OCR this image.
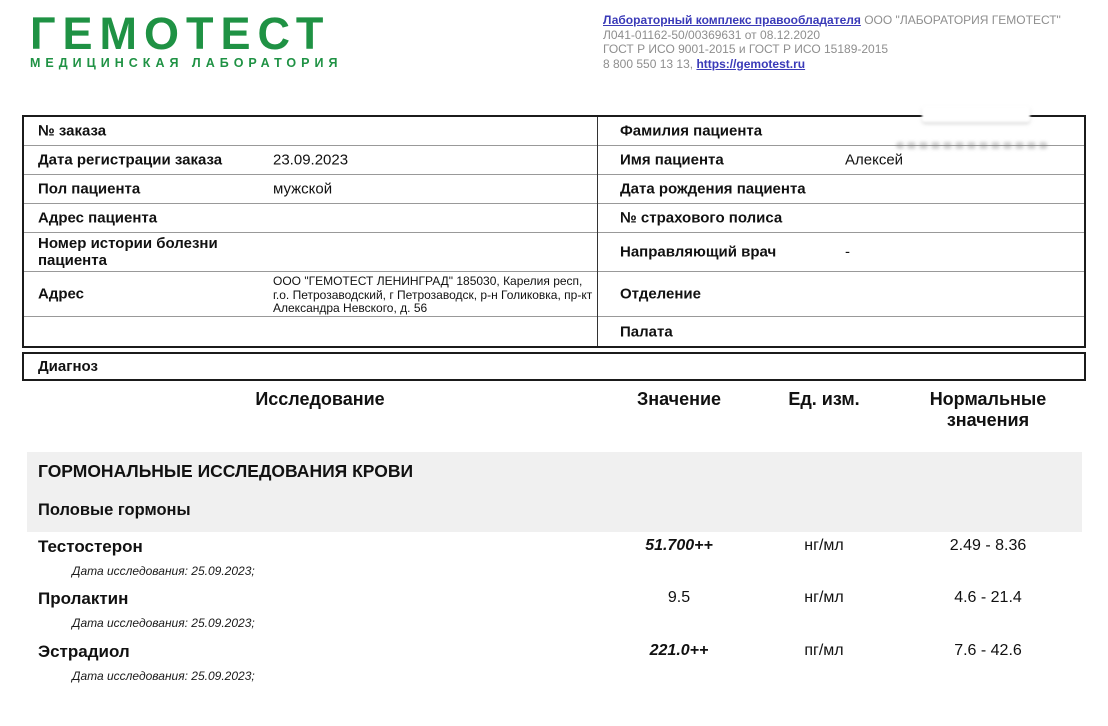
ГЕМОТЕСТ
МЕДИЦИНСКАЯ ЛАБОРАТОРИЯ
Лабораторный комплекс правообладателя ООО "ЛАБОРАТОРИЯ ГЕМОТЕСТ"
Л041-01162-50/00369631 от 08.12.2020
ГОСТ Р ИСО 9001-2015 и ГОСТ Р ИСО 15189-2015
8 800 550 13 13, https://gemotest.ru
№ заказа
Дата регистрации заказа	23.09.2023
Пол пациента	мужской
Адрес пациента
Номер истории болезни пациента
Адрес
ООО "ГЕМОТЕСТ ЛЕНИНГРАД" 185030, Карелия респ, г.о. Петрозаводский, г Петрозаводск, р-н Голиковка, пр-кт Александра Невского, д. 56
Фамилия пациента
Имя пациента	Алексей
Дата рождения пациента
№ страхового полиса
Направляющий врач	-
Отделение
Палата
Диагноз
Исследование	Значение	Ед. изм.	Нормальные значения
ГОРМОНАЛЬНЫЕ ИССЛЕДОВАНИЯ КРОВИ
Половые гормоны
Тестостерон	51.700++	нг/мл	2.49 - 8.36
Дата исследования: 25.09.2023;
Пролактин	9.5	нг/мл	4.6 - 21.4
Дата исследования: 25.09.2023;
Эстрадиол	221.0++	пг/мл	7.6 - 42.6
Дата исследования: 25.09.2023;
